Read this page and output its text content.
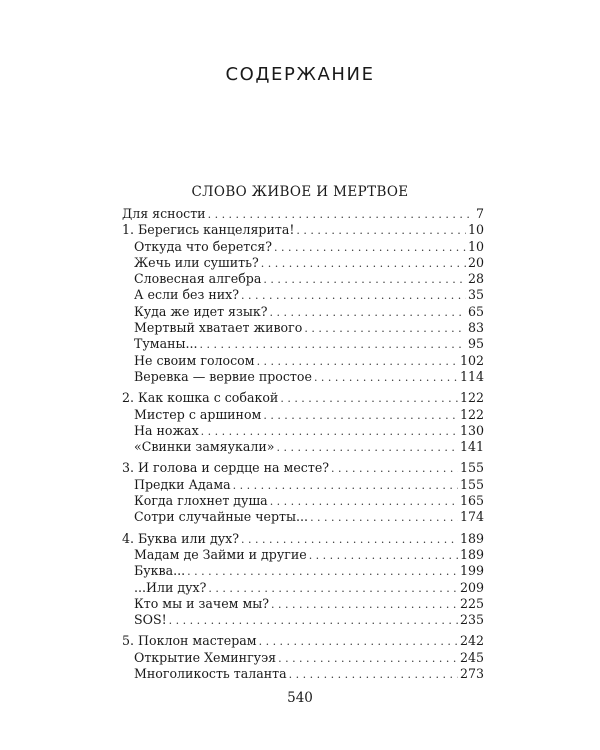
СОДЕРЖАНИЕ
СЛОВО ЖИВОЕ И МЕРТВОЕ
Для ясности . . .	7
1. Берегись канцелярита! . . .	10
Откуда что берется? . . .	10
Жечь или сушить? . . .	20
Словесная алгебра . . .	28
А если без них? . . .	35
Куда же идет язык? . . .	65
Мертвый хватает живого . . .	83
Туманы... . . .	95
Не своим голосом . . .	102
Веревка — вервие простое . . .	114
2. Как кошка с собакой . . .	122
Мистер с аршином . . .	122
На ножах . . .	130
«Свинки замяукали» . . .	141
3. И голова и сердце на месте? . . .	155
Предки Адама . . .	155
Когда глохнет душа . . .	165
Сотри случайные черты... . . .	174
4. Буква или дух? . . .	189
Мадам де Займи и другие . . .	189
Буква... . . .	199
...Или дух? . . .	209
Кто мы и зачем мы? . . .	225
SOS! . . .	235
5. Поклон мастерам . . .	242
Открытие Хемингуэя . . .	245
Многоликость таланта . . .	273
540
